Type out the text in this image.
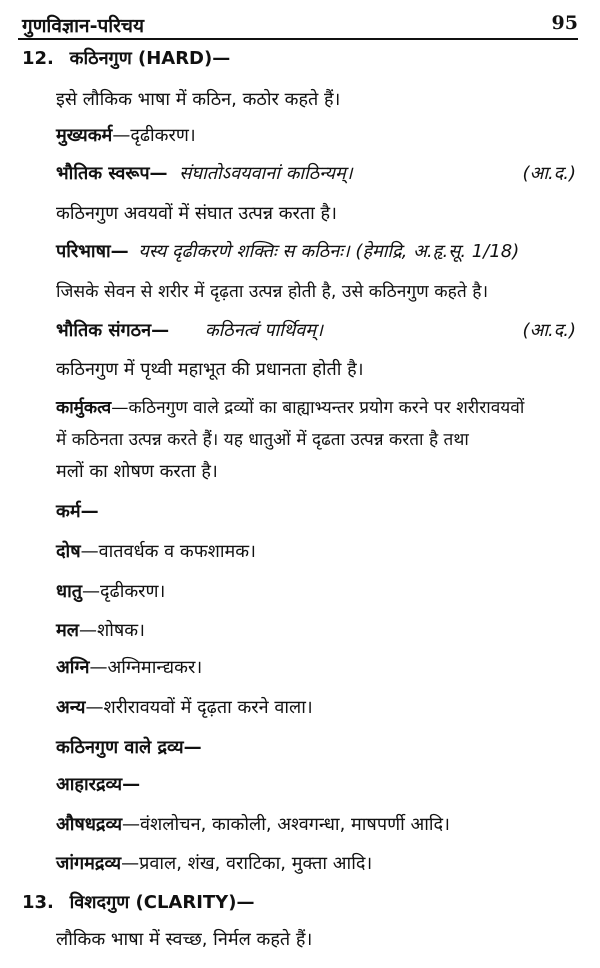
गुणविज्ञान-परिचय	95
12. कठिनगुण (HARD)—
इसे लौकिक भाषा में कठिन, कठोर कहते हैं।
मुख्यकर्म—दृढीकरण।
भौतिक स्वरूप— संघातोऽवयवानां काठिन्यम्।	(आ.द.)
कठिनगुण अवयवों में संघात उत्पन्न करता है।
परिभाषा— यस्य दृढीकरणे शक्तिः स कठिनः। (हेमाद्रि, अ.हृ.सू. 1/18)
जिसके सेवन से शरीर में दृढ़ता उत्पन्न होती है, उसे कठिनगुण कहते है।
भौतिक संगठन— कठिनत्वं पार्थिवम्।	(आ.द.)
कठिनगुण में पृथ्वी महाभूत की प्रधानता होती है।
कार्मुकत्व—कठिनगुण वाले द्रव्यों का बाह्याभ्यन्तर प्रयोग करने पर शरीरावयवों
में कठिनता उत्पन्न करते हैं। यह धातुओं में दृढता उत्पन्न करता है तथा
मलों का शोषण करता है।
कर्म—
दोष—वातवर्धक व कफशामक।
धातु—दृढीकरण।
मल—शोषक।
अग्नि—अग्निमान्द्यकर।
अन्य—शरीरावयवों में दृढ़ता करने वाला।
कठिनगुण वाले द्रव्य—
आहारद्रव्य—
औषधद्रव्य—वंशलोचन, काकोली, अश्वगन्धा, माषपर्णी आदि।
जांगमद्रव्य—प्रवाल, शंख, वराटिका, मुक्ता आदि।
13. विशदगुण (CLARITY)—
लौकिक भाषा में स्वच्छ, निर्मल कहते हैं।
